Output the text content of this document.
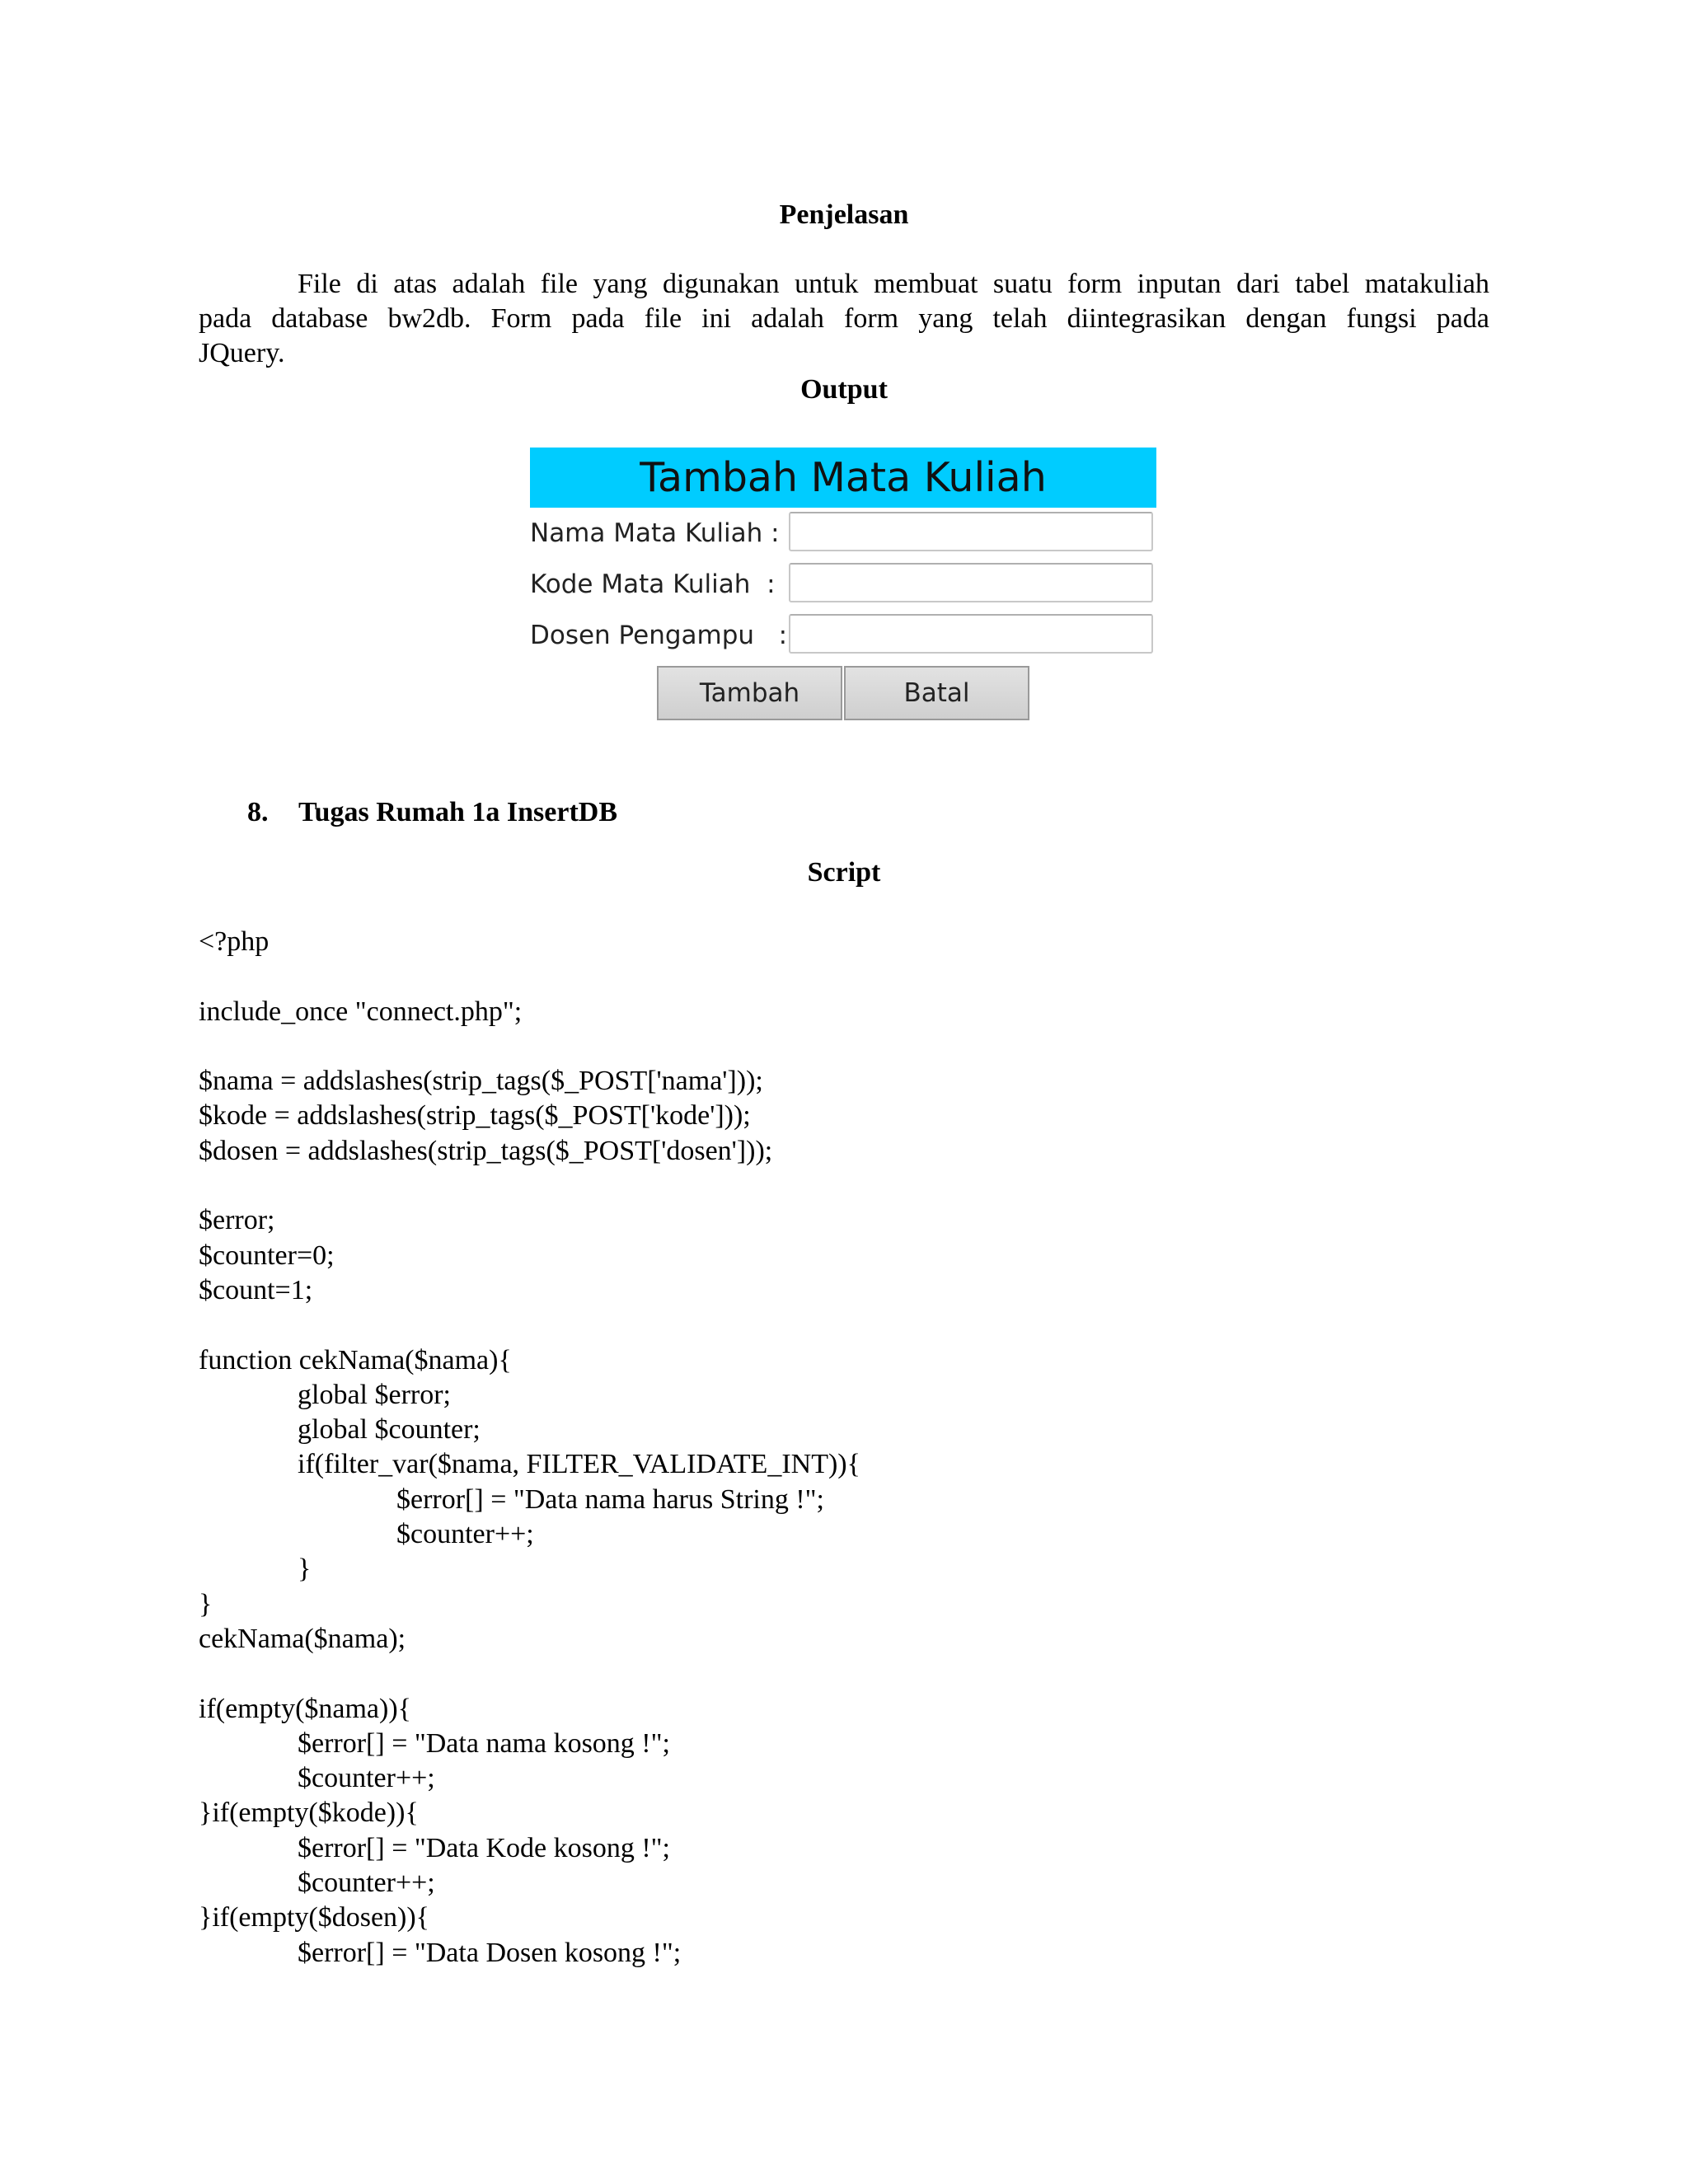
Penjelasan
File di atas adalah file yang digunakan untuk membuat suatu form inputan dari tabel matakuliah
pada database bw2db. Form pada file ini adalah form yang telah diintegrasikan dengan fungsi pada
JQuery.
Output
Tambah Mata Kuliah
Nama Mata Kuliah :
Kode Mata Kuliah  :
Dosen Pengampu   :
Tambah	Batal
8. Tugas Rumah 1a InsertDB
Script
<?php
include_once "connect.php";
$nama = addslashes(strip_tags($_POST['nama']));
$kode = addslashes(strip_tags($_POST['kode']));
$dosen = addslashes(strip_tags($_POST['dosen']));
$error;
$counter=0;
$count=1;
function cekNama($nama){
global $error;
global $counter;
if(filter_var($nama, FILTER_VALIDATE_INT)){
$error[] = "Data nama harus String !";
$counter++;
}
}
cekNama($nama);
if(empty($nama)){
$error[] = "Data nama kosong !";
$counter++;
}if(empty($kode)){
$error[] = "Data Kode kosong !";
$counter++;
}if(empty($dosen)){
$error[] = "Data Dosen kosong !";
